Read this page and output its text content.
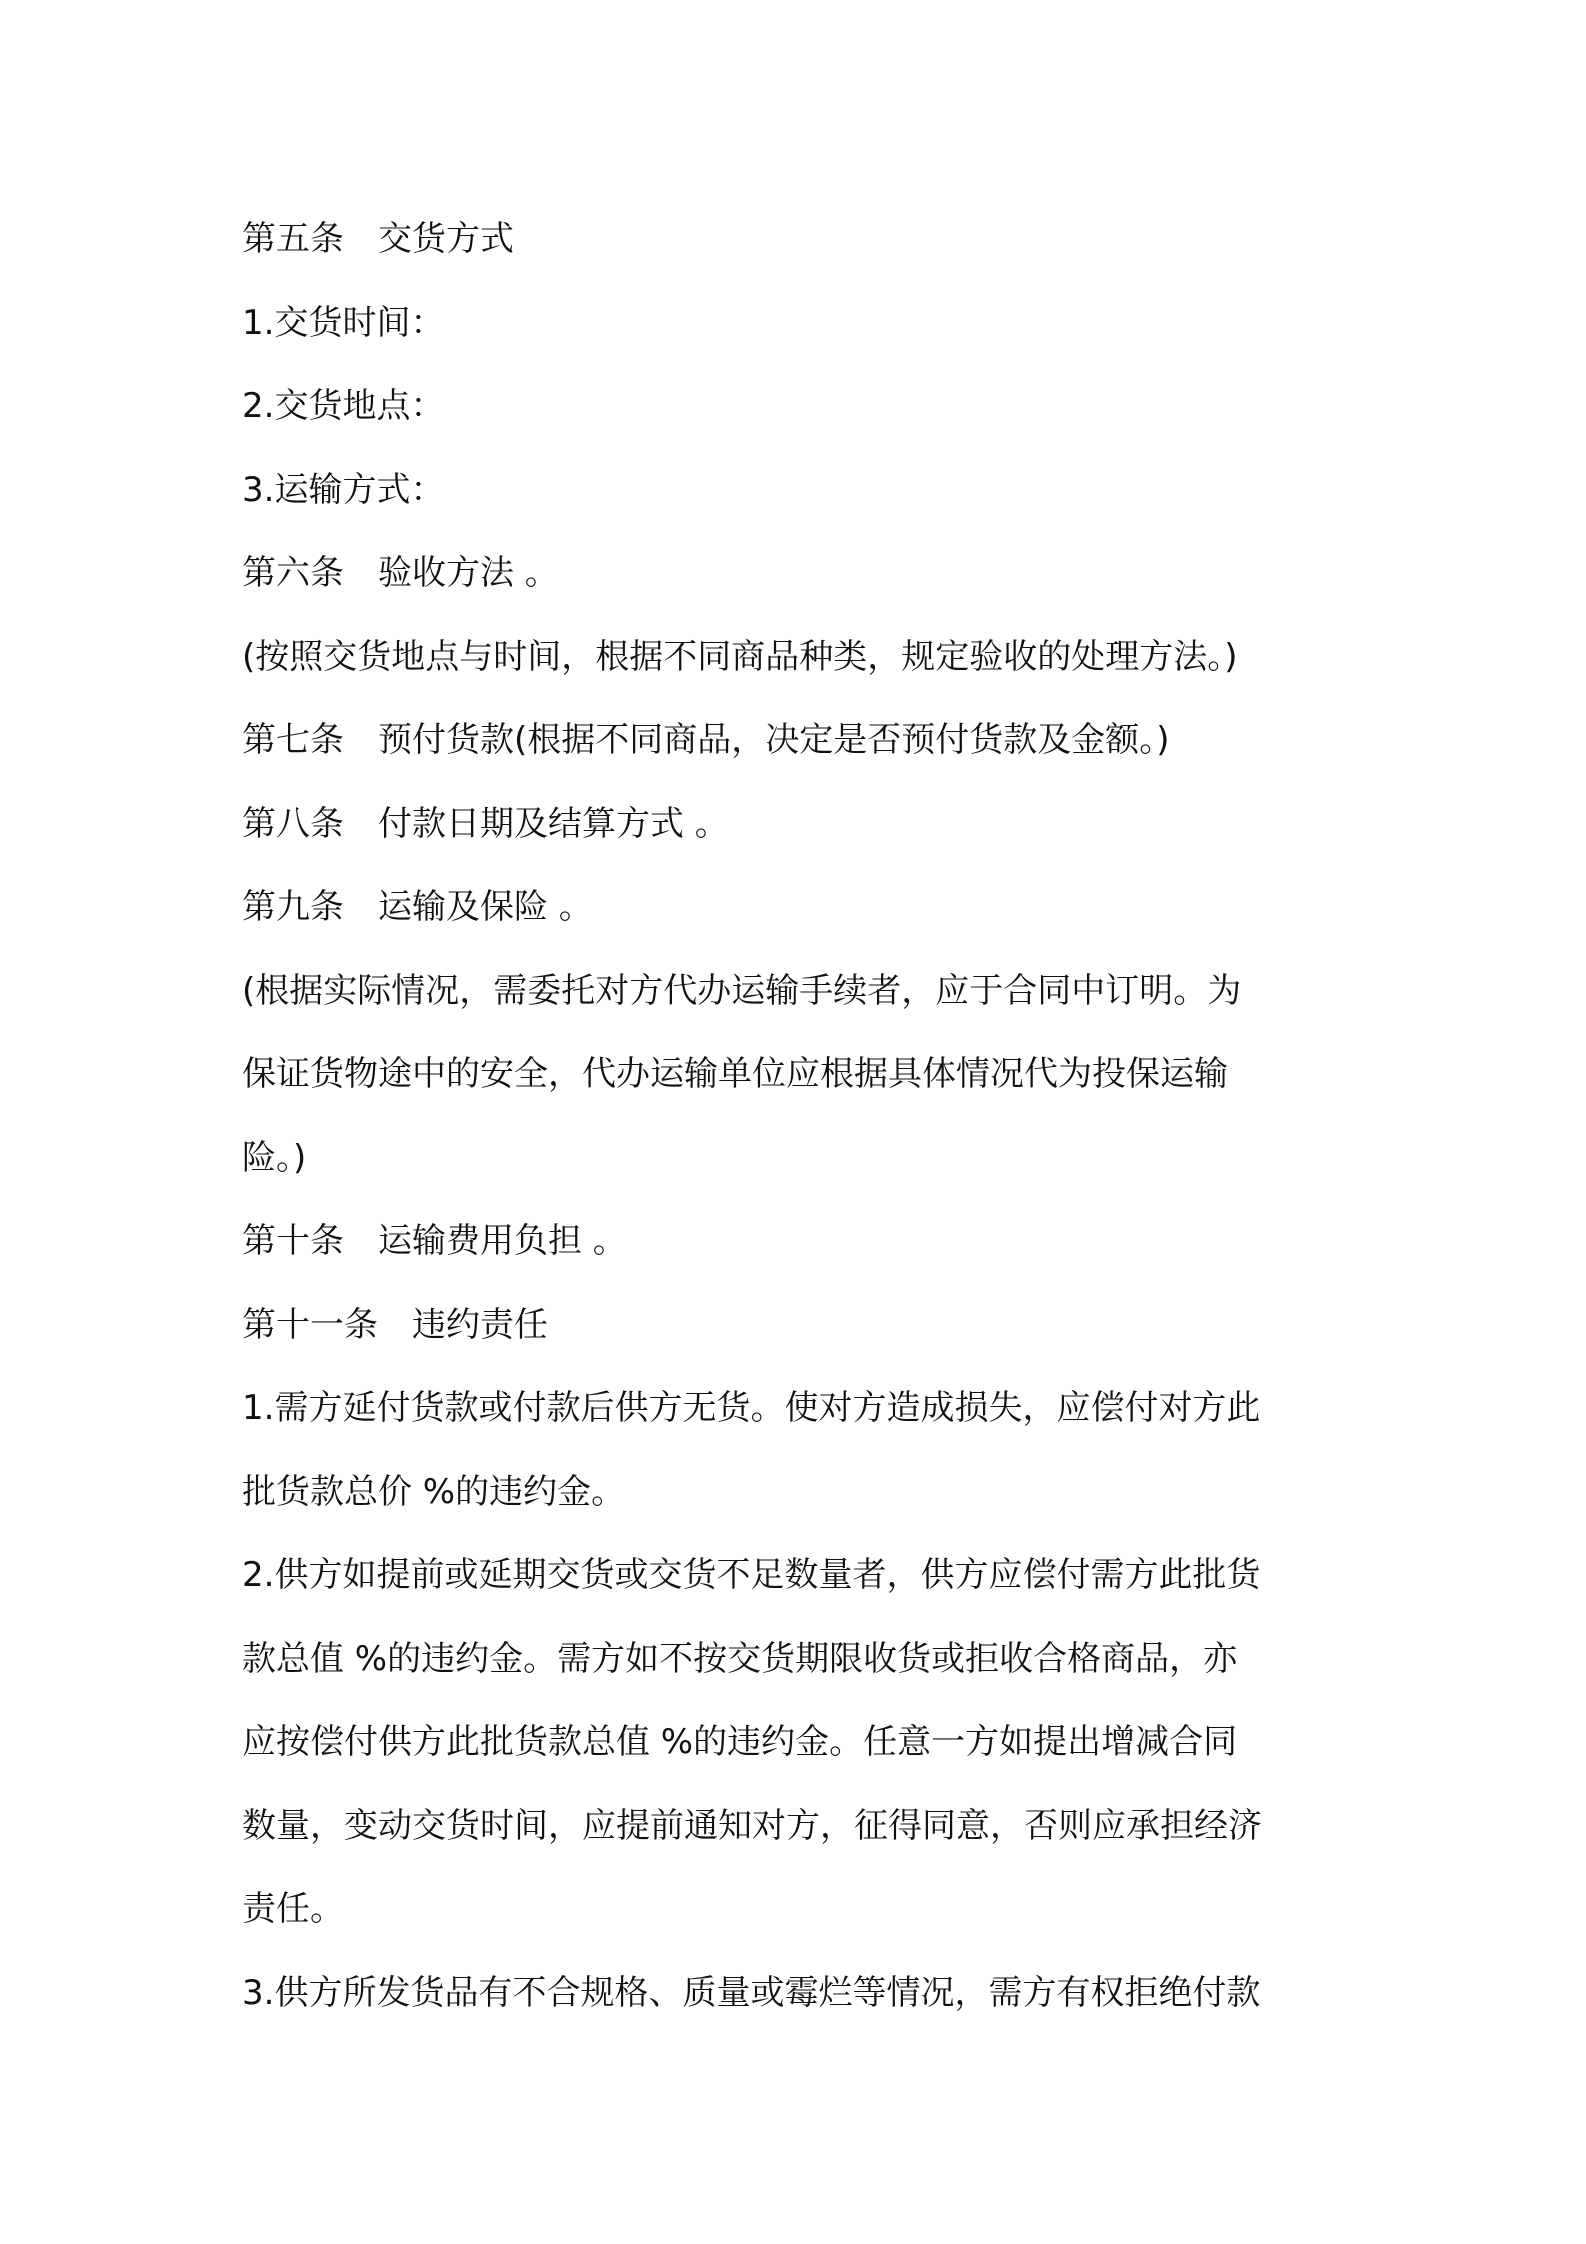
第五条　交货方式
1.交货时间：
2.交货地点：
3.运输方式：
第六条　验收方法 。
(按照交货地点与时间，根据不同商品种类，规定验收的处理方法。)
第七条　预付货款(根据不同商品，决定是否预付货款及金额。)
第八条　付款日期及结算方式 。
第九条　运输及保险 。
(根据实际情况，需委托对方代办运输手续者，应于合同中订明。为
保证货物途中的安全，代办运输单位应根据具体情况代为投保运输
险。)
第十条　运输费用负担 。
第十一条　违约责任
1.需方延付货款或付款后供方无货。使对方造成损失，应偿付对方此
批货款总价 %的违约金。
2.供方如提前或延期交货或交货不足数量者，供方应偿付需方此批货
款总值 %的违约金。需方如不按交货期限收货或拒收合格商品，亦
应按偿付供方此批货款总值 %的违约金。任意一方如提出增减合同
数量，变动交货时间，应提前通知对方，征得同意，否则应承担经济
责任。
3.供方所发货品有不合规格、质量或霉烂等情况，需方有权拒绝付款
